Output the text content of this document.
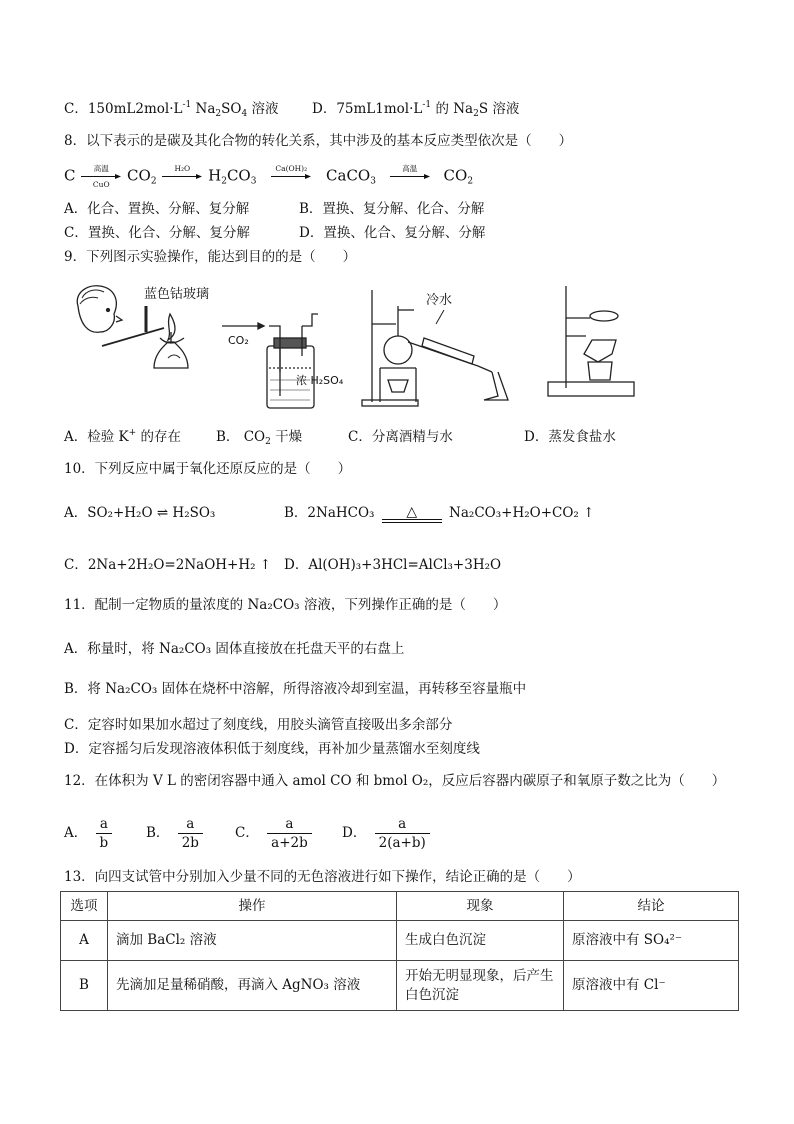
C．$150mL2mol\cdot L^{-1}$ $Na_2SO_4$ 溶液 D．$75mL1mol\cdot L^{-1}$ 的 $Na_2S$ 溶液
8．以下表示的是碳及其化合物的转化关系，其中涉及的基本反应类型依次是（　　）
C 高温
CuO $CO_2$
H₂O $H_2CO_3$
Ca(OH)₂ CaCO$_3$
高温 $CO_2$
A．化合、置换、分解、复分解	B．置换、复分解、化合、分解
C．置换、化合、分解、复分解	D．置换、化合、复分解、分解
9．下列图示实验操作，能达到目的的是（　　）
蓝色钴玻璃
CO₂
浓 H₂SO₄
冷水
A．检验 K+ 的存在	B． $CO_2$ 干燥	C．分离酒精与水	D．蒸发食盐水
10．下列反应中属于氧化还原反应的是（　　）
A．SO₂+H₂O ⇌ H₂SO₃	B．2NaHCO₃ △ Na₂CO₃+H₂O+CO₂ ↑
C．2Na+2H₂O=2NaOH+H₂ ↑ D．Al(OH)₃+3HCl=AlCl₃+3H₂O
11．配制一定物质的量浓度的 Na₂CO₃ 溶液，下列操作正确的是（　　）
A．称量时，将 Na₂CO₃ 固体直接放在托盘天平的右盘上
B．将 Na₂CO₃ 固体在烧杯中溶解，所得溶液冷却到室温，再转移至容量瓶中
C．定容时如果加水超过了刻度线，用胶头滴管直接吸出多余部分
D．定容摇匀后发现溶液体积低于刻度线，再补加少量蒸馏水至刻度线
12．在体积为 V L 的密闭容器中通入 amol CO 和 bmol O₂，反应后容器内碳原子和氧原子数之比为（　　）
A． $\frac{a}{b}$	B． $\frac{a}{2b}$ C． $\frac{a}{a+2b}$ D． $\frac{a}{2(a+b)}$
13．向四支试管中分别加入少量不同的无色溶液进行如下操作，结论正确的是（　　）
选项	操作	现象	结论
A	滴加 BaCl₂ 溶液	生成白色沉淀	原溶液中有 SO₄²⁻
B	先滴加足量稀硝酸，再滴入 AgNO₃ 溶液	开始无明显现象，后产生白色沉淀	原溶液中有 Cl⁻
